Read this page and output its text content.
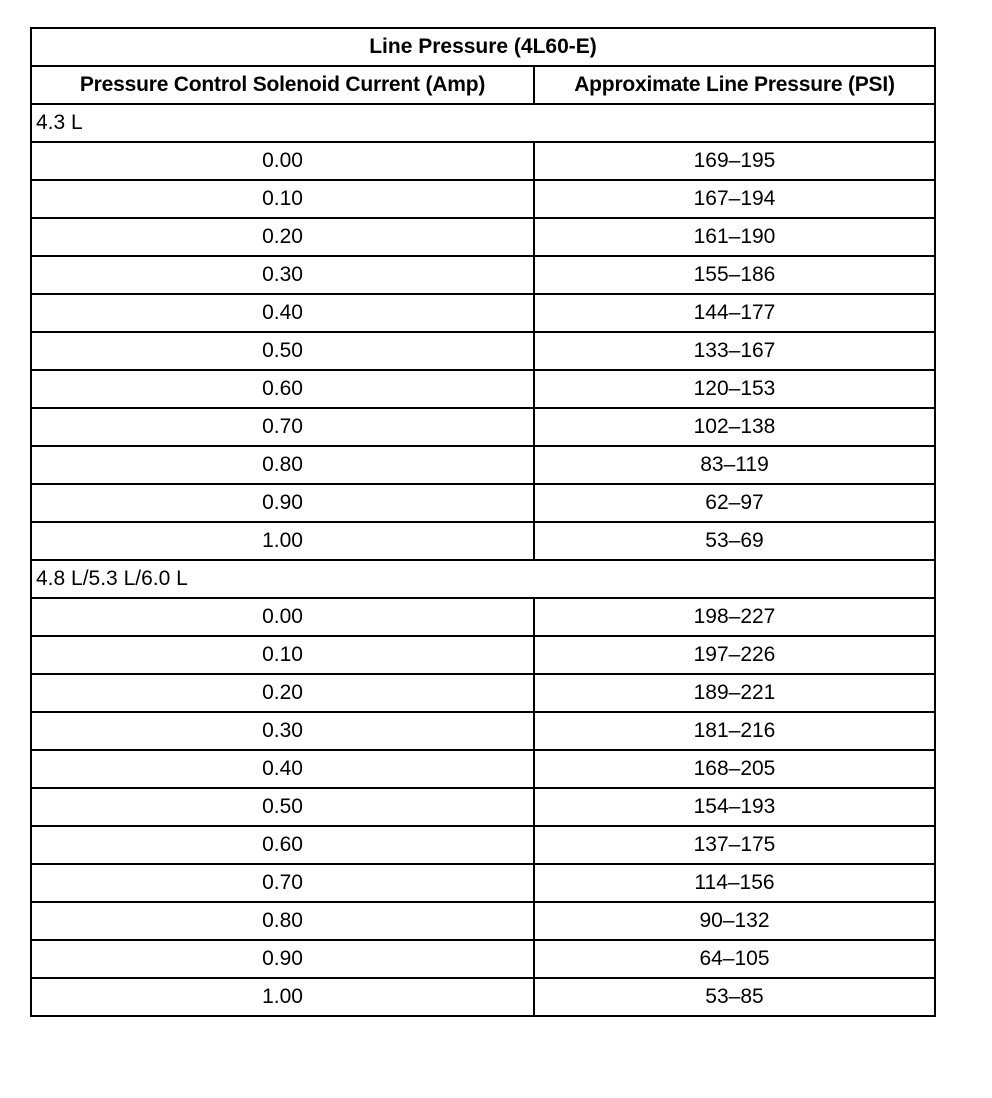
Line Pressure (4L60-E)	
Pressure Control Solenoid Current (Amp)	Approximate Line Pressure (PSI)
4.3 L	
0.00	169–195
0.10	167–194
0.20	161–190
0.30	155–186
0.40	144–177
0.50	133–167
0.60	120–153
0.70	102–138
0.80	83–119
0.90	62–97
1.00	53–69
4.8 L/5.3 L/6.0 L	
0.00	198–227
0.10	197–226
0.20	189–221
0.30	181–216
0.40	168–205
0.50	154–193
0.60	137–175
0.70	114–156
0.80	90–132
0.90	64–105
1.00	53–85
